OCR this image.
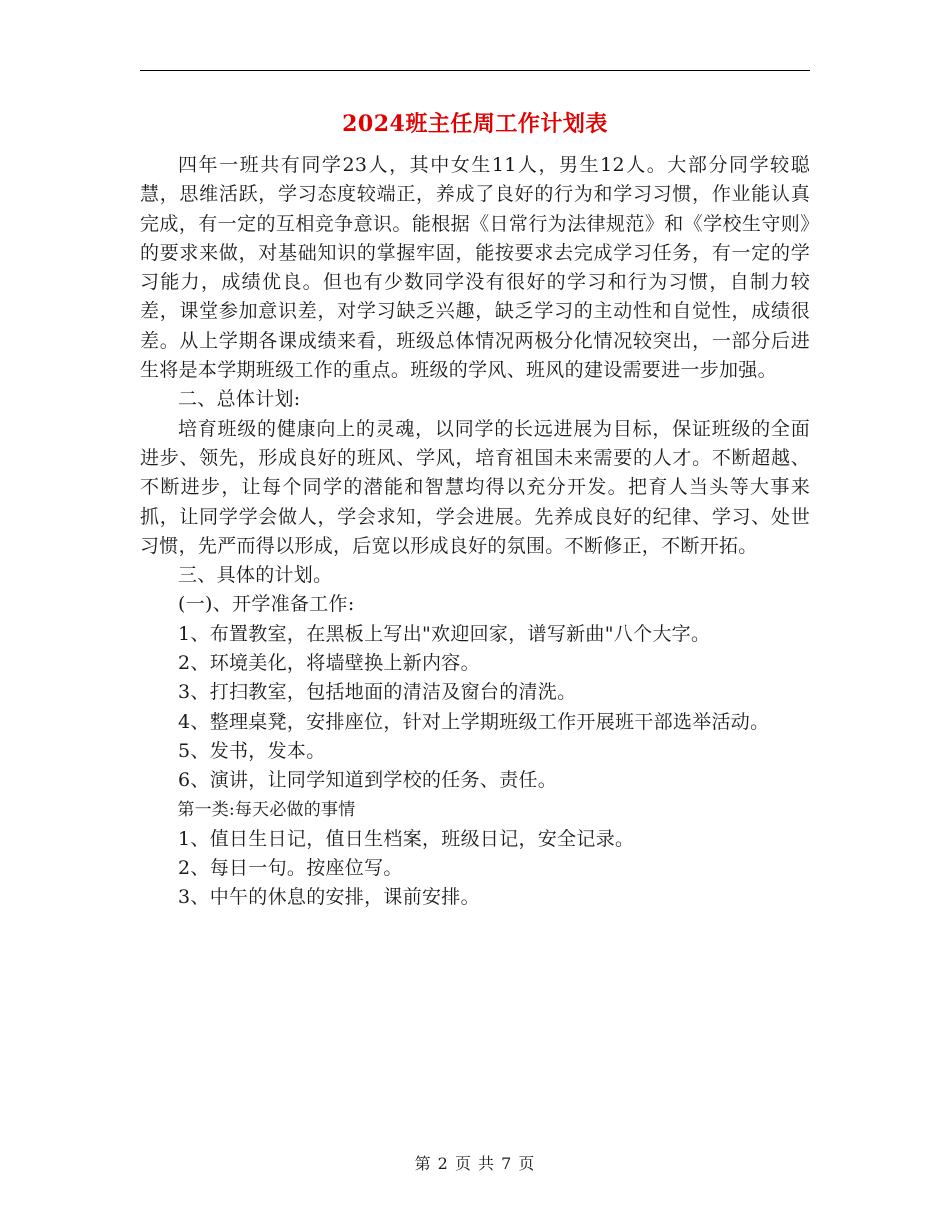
2024班主任周工作计划表

四年一班共有同学23人，其中女生11人，男生12人。大部分同学较聪慧，思维活跃，学习态度较端正，养成了良好的行为和学习习惯，作业能认真完成，有一定的互相竞争意识。能根据《日常行为法律规范》和《学校生守则》的要求来做，对基础知识的掌握牢固，能按要求去完成学习任务，有一定的学习能力，成绩优良。但也有少数同学没有很好的学习和行为习惯，自制力较差，课堂参加意识差，对学习缺乏兴趣，缺乏学习的主动性和自觉性，成绩很差。从上学期各课成绩来看，班级总体情况两极分化情况较突出，一部分后进生将是本学期班级工作的重点。班级的学风、班风的建设需要进一步加强。

二、总体计划:

培育班级的健康向上的灵魂，以同学的长远进展为目标，保证班级的全面进步、领先，形成良好的班风、学风，培育祖国未来需要的人才。不断超越、不断进步，让每个同学的潜能和智慧均得以充分开发。把育人当头等大事来抓，让同学学会做人，学会求知，学会进展。先养成良好的纪律、学习、处世习惯，先严而得以形成，后宽以形成良好的氛围。不断修正，不断开拓。

三、具体的计划。

(一)、开学准备工作:

1、布置教室，在黑板上写出"欢迎回家，谱写新曲"八个大字。

2、环境美化，将墙壁换上新内容。

3、打扫教室，包括地面的清洁及窗台的清洗。

4、整理桌凳，安排座位，针对上学期班级工作开展班干部选举活动。

5、发书，发本。

6、演讲，让同学知道到学校的任务、责任。

第一类:每天必做的事情

1、值日生日记，值日生档案，班级日记，安全记录。

2、每日一句。按座位写。

3、中午的休息的安排，课前安排。

第 2 页 共 7 页
